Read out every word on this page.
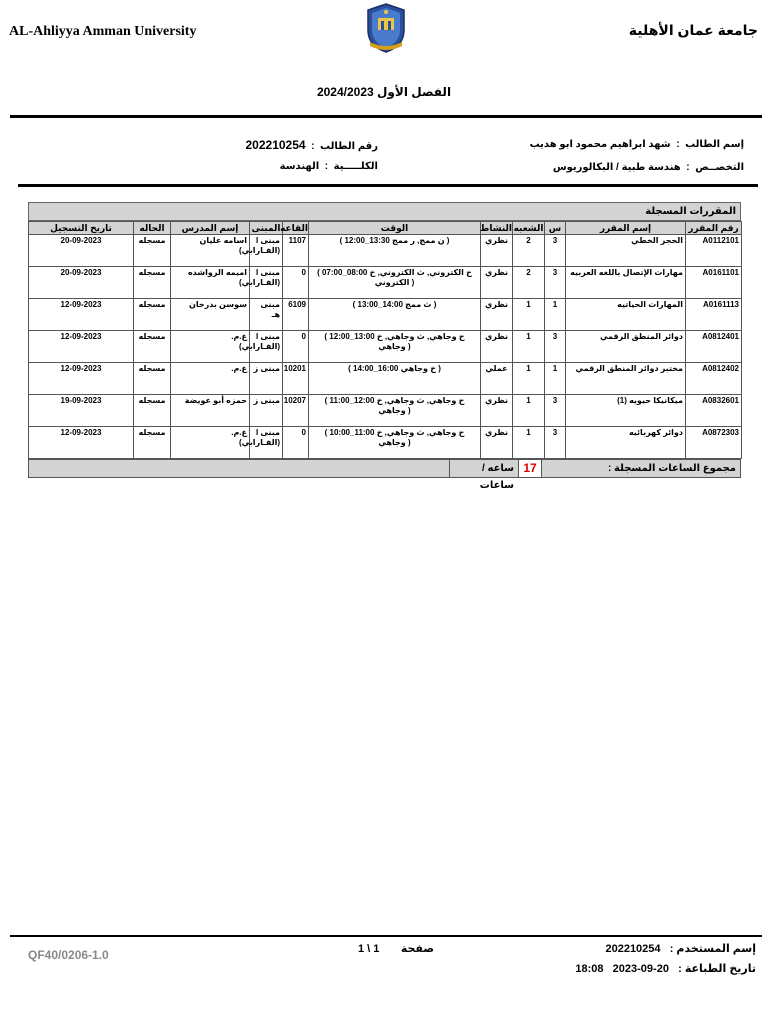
AL-Ahliyya Amman University	جامعة عمان الأهلية
الفصل الأول 2024/2023
إسم الطالب  :  شهد ابراهيم محمود ابو هديب
رقم الطالب  :  202210254
التخصــص  :  هندسة طبية / البكالوريوس
الكلـــــية  :  الهندسة
المقررات المسجلة
رقم المقرر	إسم المقرر	س	الشعبه	النشاط	الوقت	القاعه	المبنى	إسم المدرس	الحاله	تاريخ التسجيل
A0112101	الحجر الخطي	3	2	نظري	( 12:00_13:30 ن ممج, ر ممج )	1107	مبنى I (الفـارابي)	اسامه عليان	مسجله	20-09-2023
A0161101	مهارات الإتصال باللغه العربيه	3	2	نظري	( 07:00_08:00 ح الكتروني, ث الكتروني, خ الكتروني )	0	مبنى I (الفـارابي)	اميمه الرواشده	مسجله	20-09-2023
A0161113	المهارات الحياتيه	1	1	نظري	( 13:00_14:00 ث ممج )	6109	مبنى هـ	سوسن بدرخان	مسجله	12-09-2023
A0812401	دوائر المنطق الرقمي	3	1	نظري	( 12:00_13:00 ح وجاهي, ث وجاهي, خ وجاهي )	0	مبنى I (الفـارابي)	غ.م.	مسجله	12-09-2023
A0812402	مختبر دوائر المنطق الرقمي	1	1	عملي	( 14:00_16:00 خ وجاهي )	10201	مبنى ز	غ.م.	مسجله	12-09-2023
A0832601	ميكانيكا حيويه (1)	3	1	نظري	( 11:00_12:00 ح وجاهي, ث وجاهي, خ وجاهي )	10207	مبنى ز	حمزه أبو عويضة	مسجله	19-09-2023
A0872303	دوائر كهربائيه	3	1	نظري	( 10:00_11:00 ح وجاهي, ث وجاهي, خ وجاهي )	0	مبنى I (الفـارابي)	غ.م.	مسجله	12-09-2023
مجموع الساعات المسجلة :
17
ساعه / ساعات
إسم المستخدم :   202210254
تاريخ الطباعة :   20-09-2023   18:08
صفحة       1 \ 1
QF40/0206-1.0
